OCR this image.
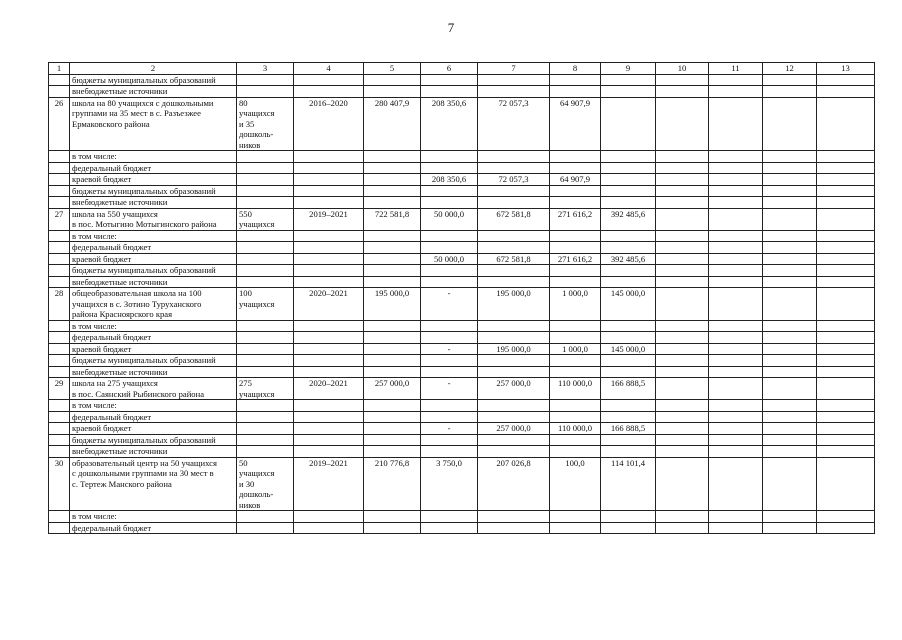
7
1	2	3	4	5	6	7	8	9	10	11	12	13
	бюджеты муниципальных образований											
	внебюджетные источники											
26	школа на 80 учащихся с дошкольными
группами на 35 мест в с. Разъезжее
Ермаковского района	80
учащихся
и 35
дошколь-
ников	2016–2020	280 407,9	208 350,6	72 057,3	64 907,9					
	в том числе:											
	федеральный бюджет											
	краевой бюджет				208 350,6	72 057,3	64 907,9					
	бюджеты муниципальных образований											
	внебюджетные источники											
27	школа на 550 учащихся
в пос. Мотыгино Мотыгинского района	550
учащихся	2019–2021	722 581,8	50 000,0	672 581,8	271 616,2	392 485,6				
	в том числе:											
	федеральный бюджет											
	краевой бюджет				50 000,0	672 581,8	271 616,2	392 485,6				
	бюджеты муниципальных образований											
	внебюджетные источники											
28	общеобразовательная школа на 100
учащихся в с. Зотино Туруханского
района Красноярского края	100
учащихся	2020–2021	195 000,0	-	195 000,0	1 000,0	145 000,0				
	в том числе:											
	федеральный бюджет											
	краевой бюджет				-	195 000,0	1 000,0	145 000,0				
	бюджеты муниципальных образований											
	внебюджетные источники											
29	школа на 275 учащихся
в пос. Саянский Рыбинского района	275
учащихся	2020–2021	257 000,0	-	257 000,0	110 000,0	166 888,5				
	в том числе:											
	федеральный бюджет											
	краевой бюджет				-	257 000,0	110 000,0	166 888,5				
	бюджеты муниципальных образований											
	внебюджетные источники											
30	образовательный центр на 50 учащихся
с дошкольными группами на 30 мест в
с. Тертеж Манского района	50
учащихся
и 30
дошколь-
ников	2019–2021	210 776,8	3 750,0	207 026,8	100,0	114 101,4				
	в том числе:											
	федеральный бюджет											
